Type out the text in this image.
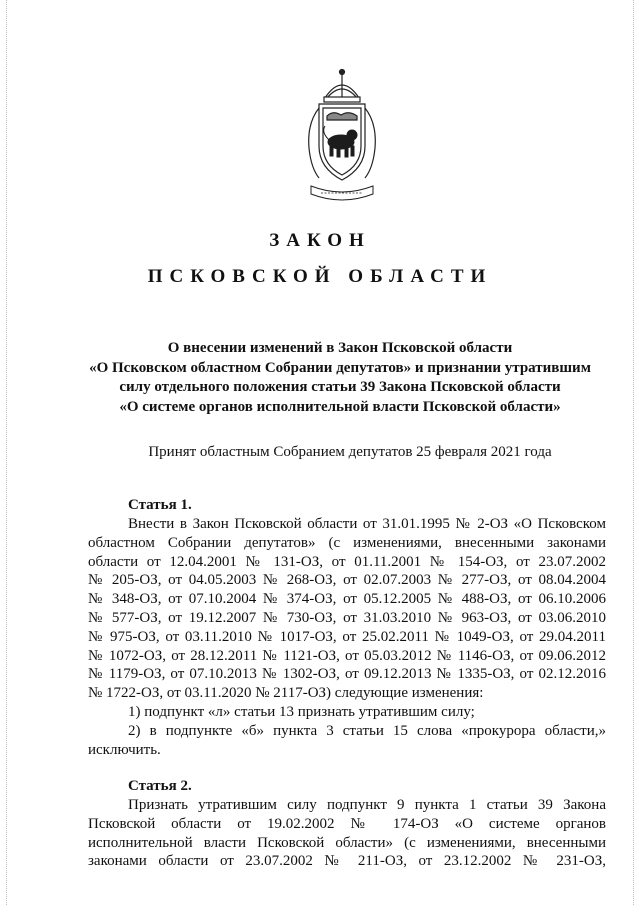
ЗАКОН
ПСКОВСКОЙ ОБЛАСТИ
О внесении изменений в Закон Псковской области
«О Псковском областном Собрании депутатов» и признании утратившим
силу отдельного положения статьи 39 Закона Псковской области
«О системе органов исполнительной власти Псковской области»
Принят областным Собранием депутатов 25 февраля 2021 года
Статья 1.
Внести в Закон Псковской области от 31.01.1995 № 2-ОЗ «О Псковском
областном Собрании депутатов» (с изменениями, внесенными законами
области от 12.04.2001 № 131-ОЗ, от 01.11.2001 № 154-ОЗ, от 23.07.2002
№ 205-ОЗ, от 04.05.2003 № 268-ОЗ, от 02.07.2003 № 277-ОЗ, от 08.04.2004
№ 348-ОЗ, от 07.10.2004 № 374-ОЗ, от 05.12.2005 № 488-ОЗ, от 06.10.2006
№ 577-ОЗ, от 19.12.2007 № 730-ОЗ, от 31.03.2010 № 963-ОЗ, от 03.06.2010
№ 975-ОЗ, от 03.11.2010 № 1017-ОЗ, от 25.02.2011 № 1049-ОЗ, от 29.04.2011
№ 1072-ОЗ, от 28.12.2011 № 1121-ОЗ, от 05.03.2012 № 1146-ОЗ, от 09.06.2012
№ 1179-ОЗ, от 07.10.2013 № 1302-ОЗ, от 09.12.2013 № 1335-ОЗ, от 02.12.2016
№ 1722-ОЗ, от 03.11.2020 № 2117-ОЗ) следующие изменения:
1) подпункт «л» статьи 13 признать утратившим силу;
2) в подпункте «б» пункта 3 статьи 15 слова «прокурора области,»
исключить.
Статья 2.
Признать утратившим силу подпункт 9 пункта 1 статьи 39 Закона
Псковской области от 19.02.2002 № 174-ОЗ «О системе органов
исполнительной власти Псковской области» (с изменениями, внесенными
законами области от 23.07.2002 № 211-ОЗ, от 23.12.2002 № 231-ОЗ,
